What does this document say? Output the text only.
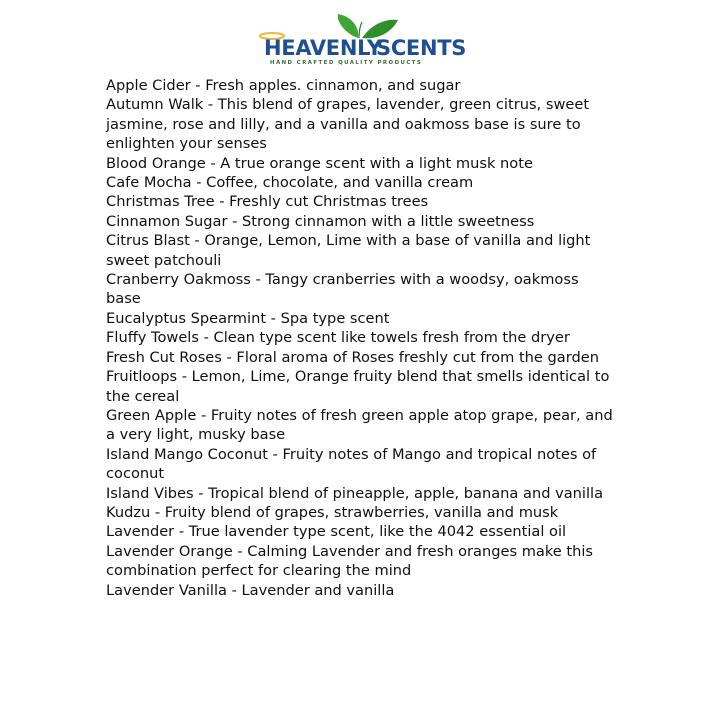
HEAVENLY
SCENTS
HAND CRAFTED QUALITY PRODUCTS
Apple Cider - Fresh apples. cinnamon, and sugar
Autumn Walk - This blend of grapes, lavender, green citrus, sweet jasmine, rose and lilly, and a vanilla and oakmoss base is sure to enlighten your senses
Blood Orange - A true orange scent with a light musk note
Cafe Mocha - Coffee, chocolate, and vanilla cream
Christmas Tree - Freshly cut Christmas trees
Cinnamon Sugar - Strong cinnamon with a little sweetness
Citrus Blast - Orange, Lemon, Lime with a base of vanilla and light sweet patchouli
Cranberry Oakmoss - Tangy cranberries with a woodsy, oakmoss base
Eucalyptus Spearmint - Spa type scent
Fluffy Towels - Clean type scent like towels fresh from the dryer
Fresh Cut Roses - Floral aroma of Roses freshly cut from the garden
Fruitloops - Lemon, Lime, Orange fruity blend that smells identical to the cereal
Green Apple - Fruity notes of fresh green apple atop grape, pear, and a very light, musky base
Island Mango Coconut - Fruity notes of Mango and tropical notes of coconut
Island Vibes - Tropical blend of pineapple, apple, banana and vanilla
Kudzu - Fruity blend of grapes, strawberries, vanilla and musk
Lavender - True lavender type scent, like the 4042 essential oil
Lavender Orange - Calming Lavender and fresh oranges make this combination perfect for clearing the mind
Lavender Vanilla - Lavender and vanilla
